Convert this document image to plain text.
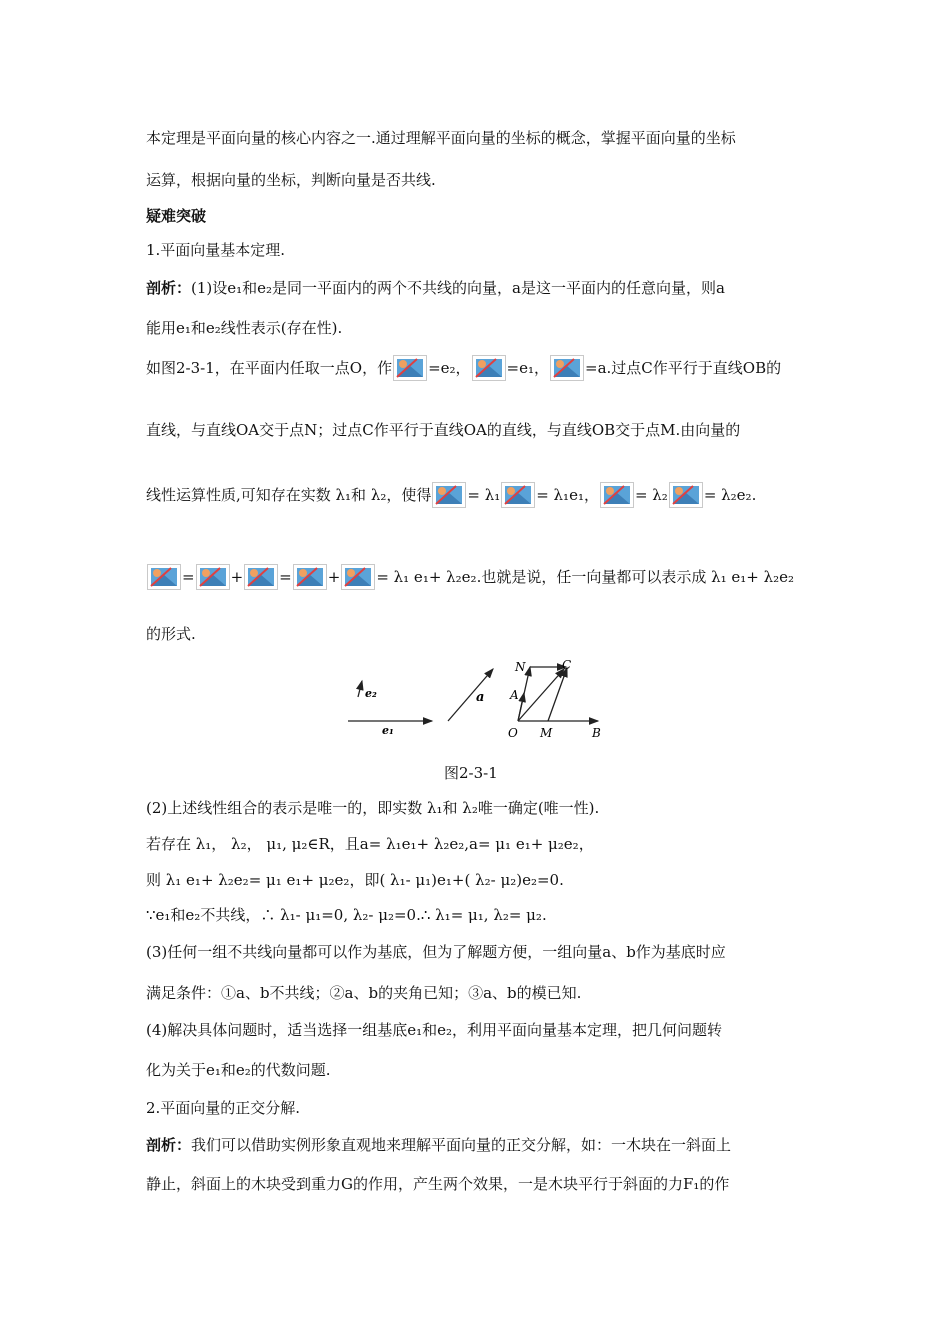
本定理是平面向量的核心内容之一.通过理解平面向量的坐标的概念，掌握平面向量的坐标
运算，根据向量的坐标，判断向量是否共线.
疑难突破
1.平面向量基本定理.
剖析：(1)设e₁和e₂是同一平面内的两个不共线的向量，a是这一平面内的任意向量，则a
能用e₁和e₂线性表示(存在性).
如图2-3-1，在平面内任取一点O，作 =e₂， =e₁， =a.过点C作平行于直线OB的
直线，与直线OA交于点N；过点C作平行于直线OA的直线，与直线OB交于点M.由向量的
线性运算性质,可知存在实数 λ₁和 λ₂，使得 = λ₁ = λ₁e₁， = λ₂ = λ₂e₂.
= + = + = λ₁ e₁+ λ₂e₂.也就是说，任一向量都可以表示成 λ₁ e₁+ λ₂e₂
的形式.
e₂
e₁
a
N	C
A
O M	B
图2-3-1
(2)上述线性组合的表示是唯一的，即实数 λ₁和 λ₂唯一确定(唯一性).
若存在 λ₁， λ₂， μ₁, μ₂∈R，且a= λ₁e₁+ λ₂e₂,a= μ₁ e₁+ μ₂e₂，
则 λ₁ e₁+ λ₂e₂= μ₁ e₁+ μ₂e₂，即( λ₁- μ₁)e₁+( λ₂- μ₂)e₂=0.
∵e₁和e₂不共线，∴ λ₁- μ₁=0, λ₂- μ₂=0.∴ λ₁= μ₁, λ₂= μ₂.
(3)任何一组不共线向量都可以作为基底，但为了解题方便，一组向量a、b作为基底时应
满足条件：①a、b不共线；②a、b的夹角已知；③a、b的模已知.
(4)解决具体问题时，适当选择一组基底e₁和e₂，利用平面向量基本定理，把几何问题转
化为关于e₁和e₂的代数问题.
2.平面向量的正交分解.
剖析：我们可以借助实例形象直观地来理解平面向量的正交分解，如：一木块在一斜面上
静止，斜面上的木块受到重力G的作用，产生两个效果，一是木块平行于斜面的力F₁的作
